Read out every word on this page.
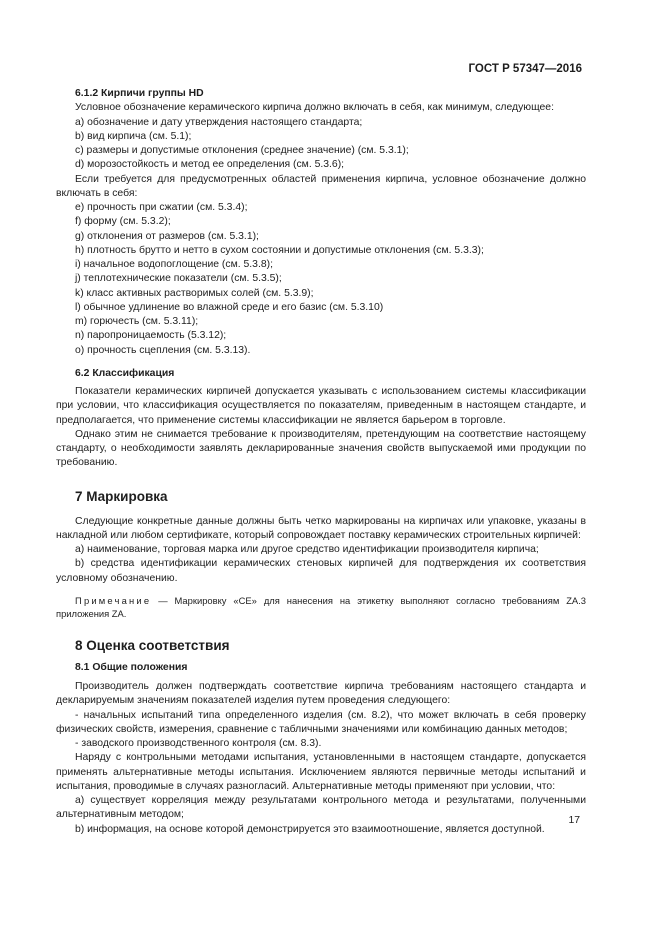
ГОСТ Р 57347—2016

6.1.2 Кирпичи группы HD

Условное обозначение керамического кирпича должно включать в себя, как минимум, следующее:

a) обозначение и дату утверждения настоящего стандарта;

b) вид кирпича (см. 5.1);

c) размеры и допустимые отклонения (среднее значение) (см. 5.3.1);

d) морозостойкость и метод ее определения (см. 5.3.6);

Если требуется для предусмотренных областей применения кирпича, условное обозначение должно включать в себя:

e) прочность при сжатии (см. 5.3.4);

f) форму (см. 5.3.2);

g) отклонения от размеров (см. 5.3.1);

h) плотность брутто и нетто в сухом состоянии и допустимые отклонения (см. 5.3.3);

i) начальное водопоглощение (см. 5.3.8);

j) теплотехнические показатели (см. 5.3.5);

k) класс активных растворимых солей (см. 5.3.9);

l) обычное удлинение во влажной среде и его базис (см. 5.3.10)

m) горючесть (см. 5.3.11);

n) паропроницаемость (5.3.12);

o) прочность сцепления (см. 5.3.13).

6.2 Классификация

Показатели керамических кирпичей допускается указывать с использованием системы классификации при условии, что классификация осуществляется по показателям, приведенным в настоящем стандарте, и предполагается, что применение системы классификации не является барьером в торговле.

Однако этим не снимается требование к производителям, претендующим на соответствие настоящему стандарту, о необходимости заявлять декларированные значения свойств выпускаемой ими продукции по требованию.

7 Маркировка

Следующие конкретные данные должны быть четко маркированы на кирпичах или упаковке, указаны в накладной или любом сертификате, который сопровождает поставку керамических строительных кирпичей:

a) наименование, торговая марка или другое средство идентификации производителя кирпича;

b) средства идентификации керамических стеновых кирпичей для подтверждения их соответствия условному обозначению.

Примечание — Маркировку «CE» для нанесения на этикетку выполняют согласно требованиям ZA.3 приложения ZA.

8 Оценка соответствия

8.1 Общие положения

Производитель должен подтверждать соответствие кирпича требованиям настоящего стандарта и декларируемым значениям показателей изделия путем проведения следующего:

- начальных испытаний типа определенного изделия (см. 8.2), что может включать в себя проверку физических свойств, измерения, сравнение с табличными значениями или комбинацию данных методов;

- заводского производственного контроля (см. 8.3).

Наряду с контрольными методами испытания, установленными в настоящем стандарте, допускается применять альтернативные методы испытания. Исключением являются первичные методы испытаний и испытания, проводимые в случаях разногласий. Альтернативные методы применяют при условии, что:

a) существует корреляция между результатами контрольного метода и результатами, полученными альтернативным методом;

b) информация, на основе которой демонстрируется это взаимоотношение, является доступной.

17
